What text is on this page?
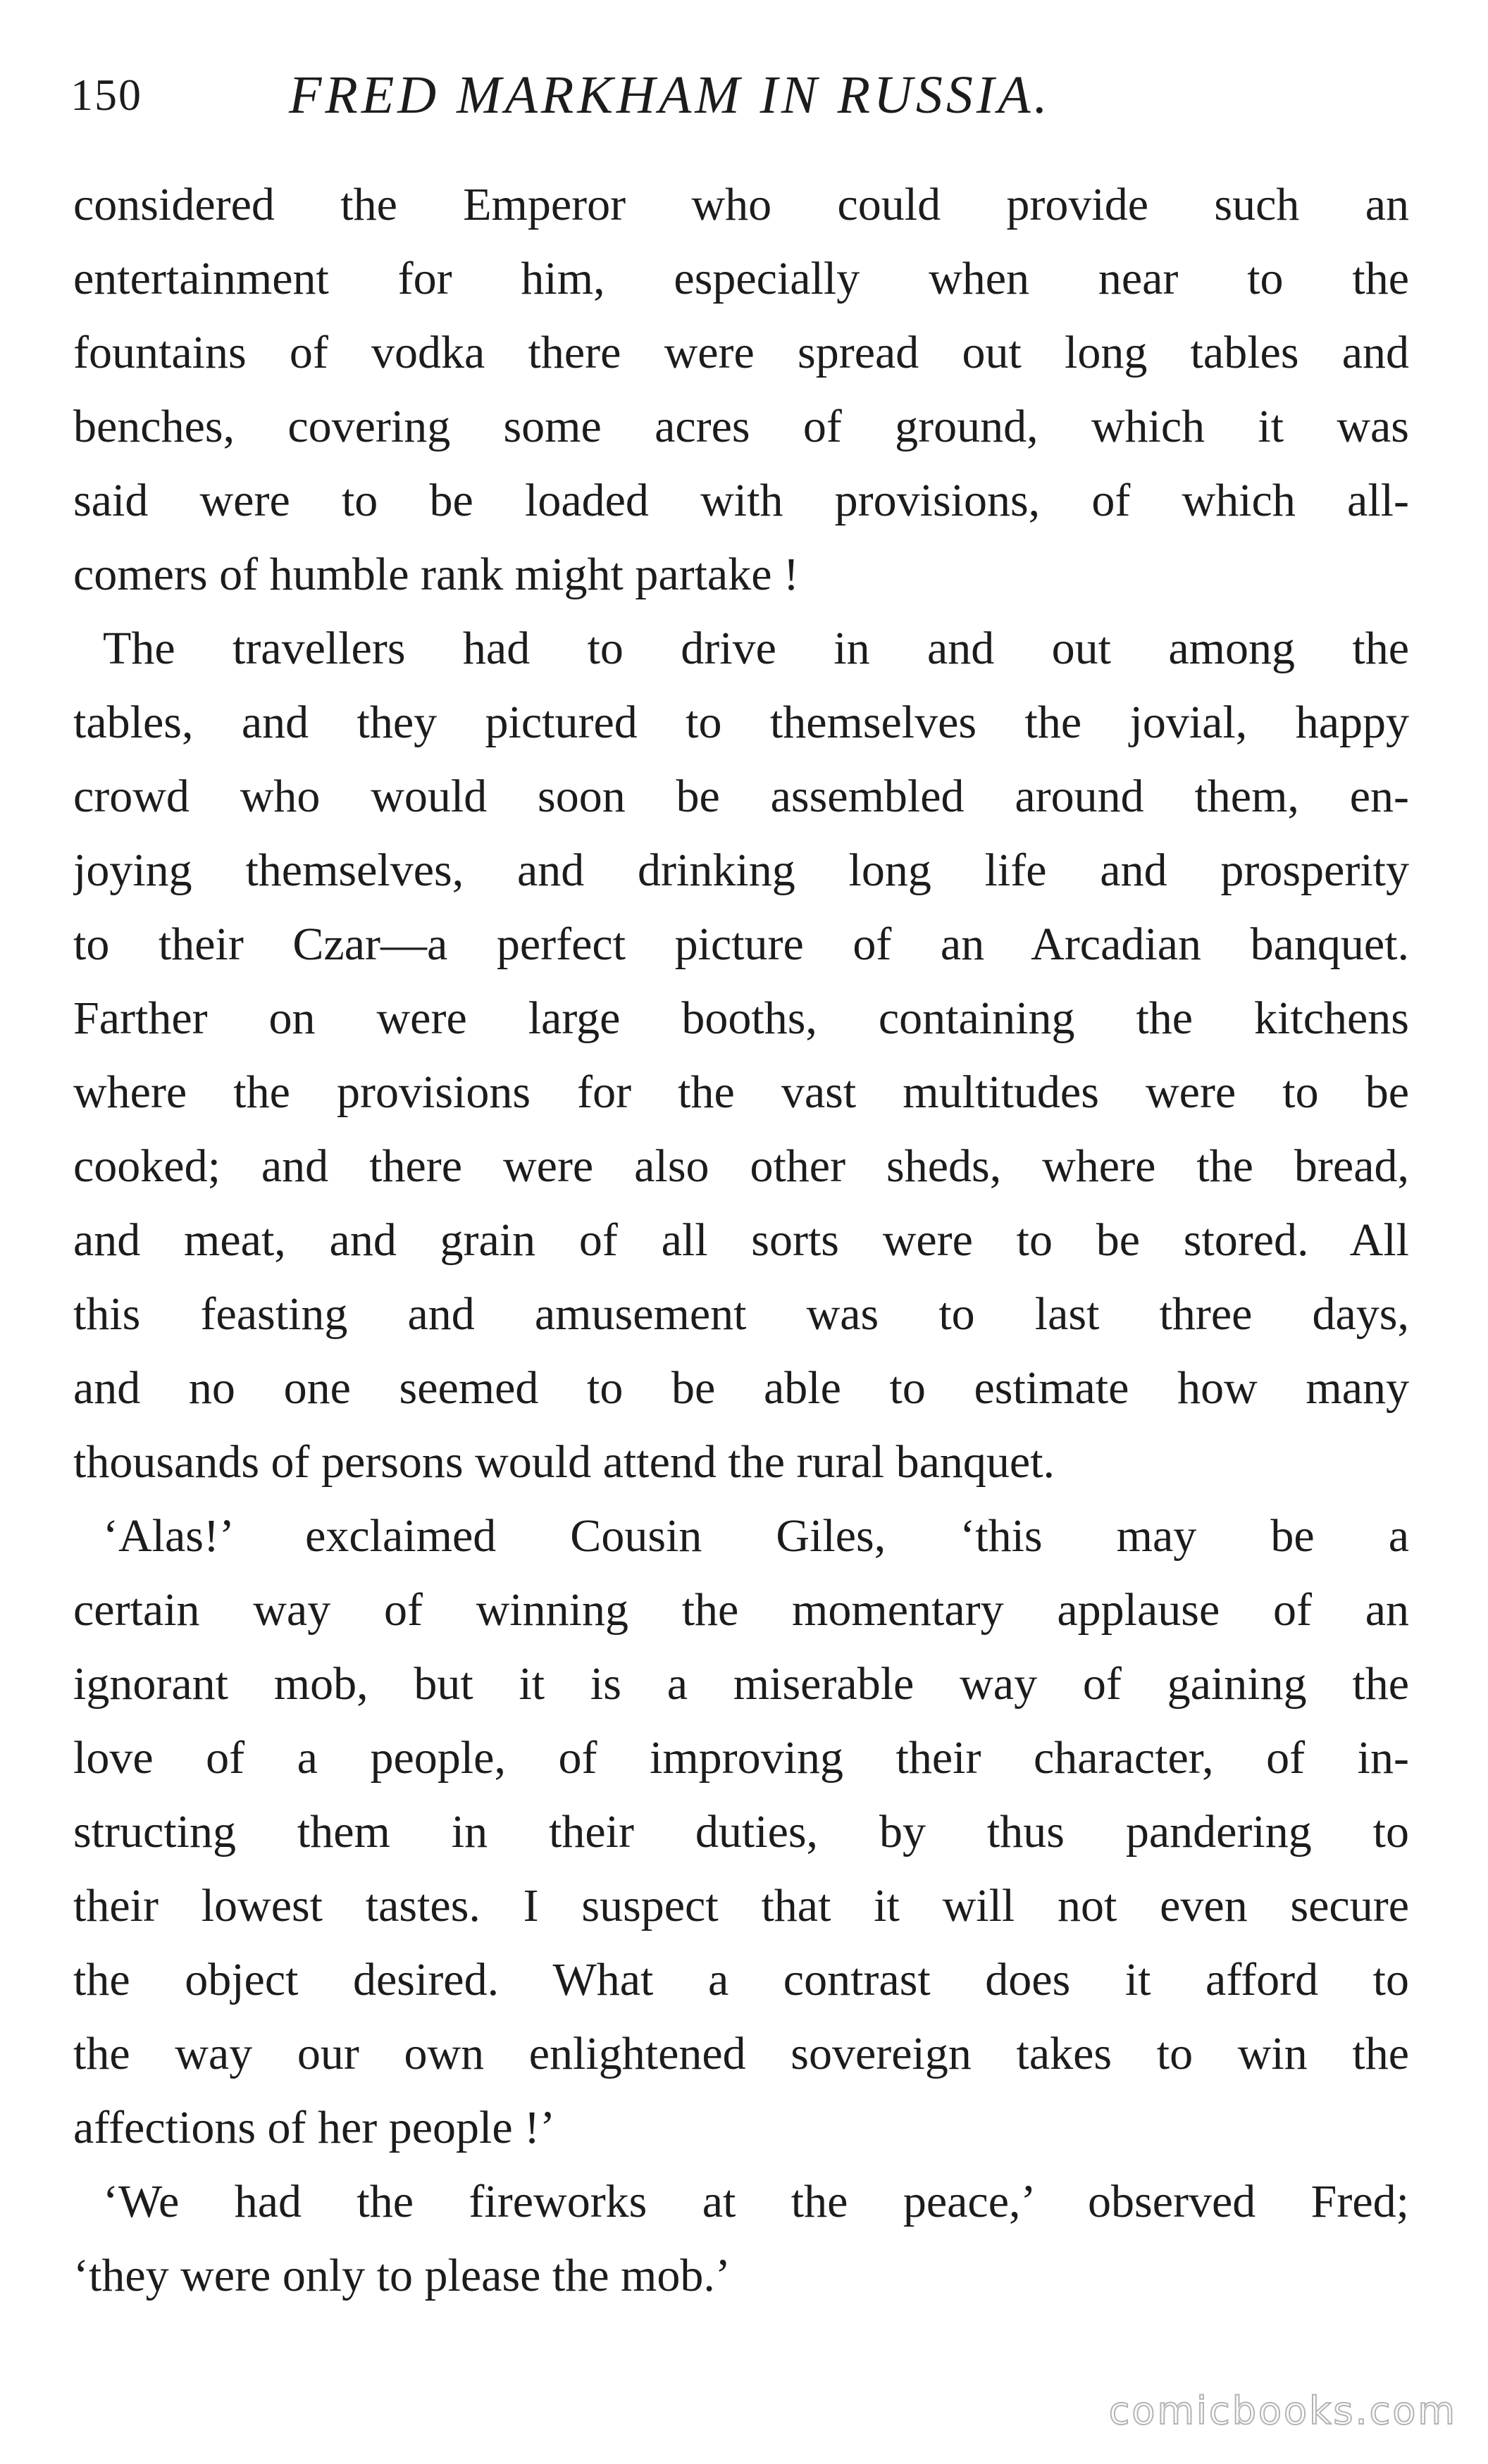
150	FRED MARKHAM IN RUSSIA.
considered the Emperor who could provide such an
entertainment for him, especially when near to the
fountains of vodka there were spread out long tables and
benches, covering some acres of ground, which it was
said were to be loaded with provisions, of which all-
comers of humble rank might partake !
The travellers had to drive in and out among the
tables, and they pictured to themselves the jovial, happy
crowd who would soon be assembled around them, en-
joying themselves, and drinking long life and prosperity
to their Czar—a perfect picture of an Arcadian banquet.
Farther on were large booths, containing the kitchens
where the provisions for the vast multitudes were to be
cooked; and there were also other sheds, where the bread,
and meat, and grain of all sorts were to be stored. All
this feasting and amusement was to last three days,
and no one seemed to be able to estimate how many
thousands of persons would attend the rural banquet.
‘Alas!’ exclaimed Cousin Giles, ‘this may be a
certain way of winning the momentary applause of an
ignorant mob, but it is a miserable way of gaining the
love of a people, of improving their character, of in-
structing them in their duties, by thus pandering to
their lowest tastes. I suspect that it will not even secure
the object desired. What a contrast does it afford to
the way our own enlightened sovereign takes to win the
affections of her people !’
‘We had the fireworks at the peace,’ observed Fred;
‘they were only to please the mob.’
comicbooks.com
